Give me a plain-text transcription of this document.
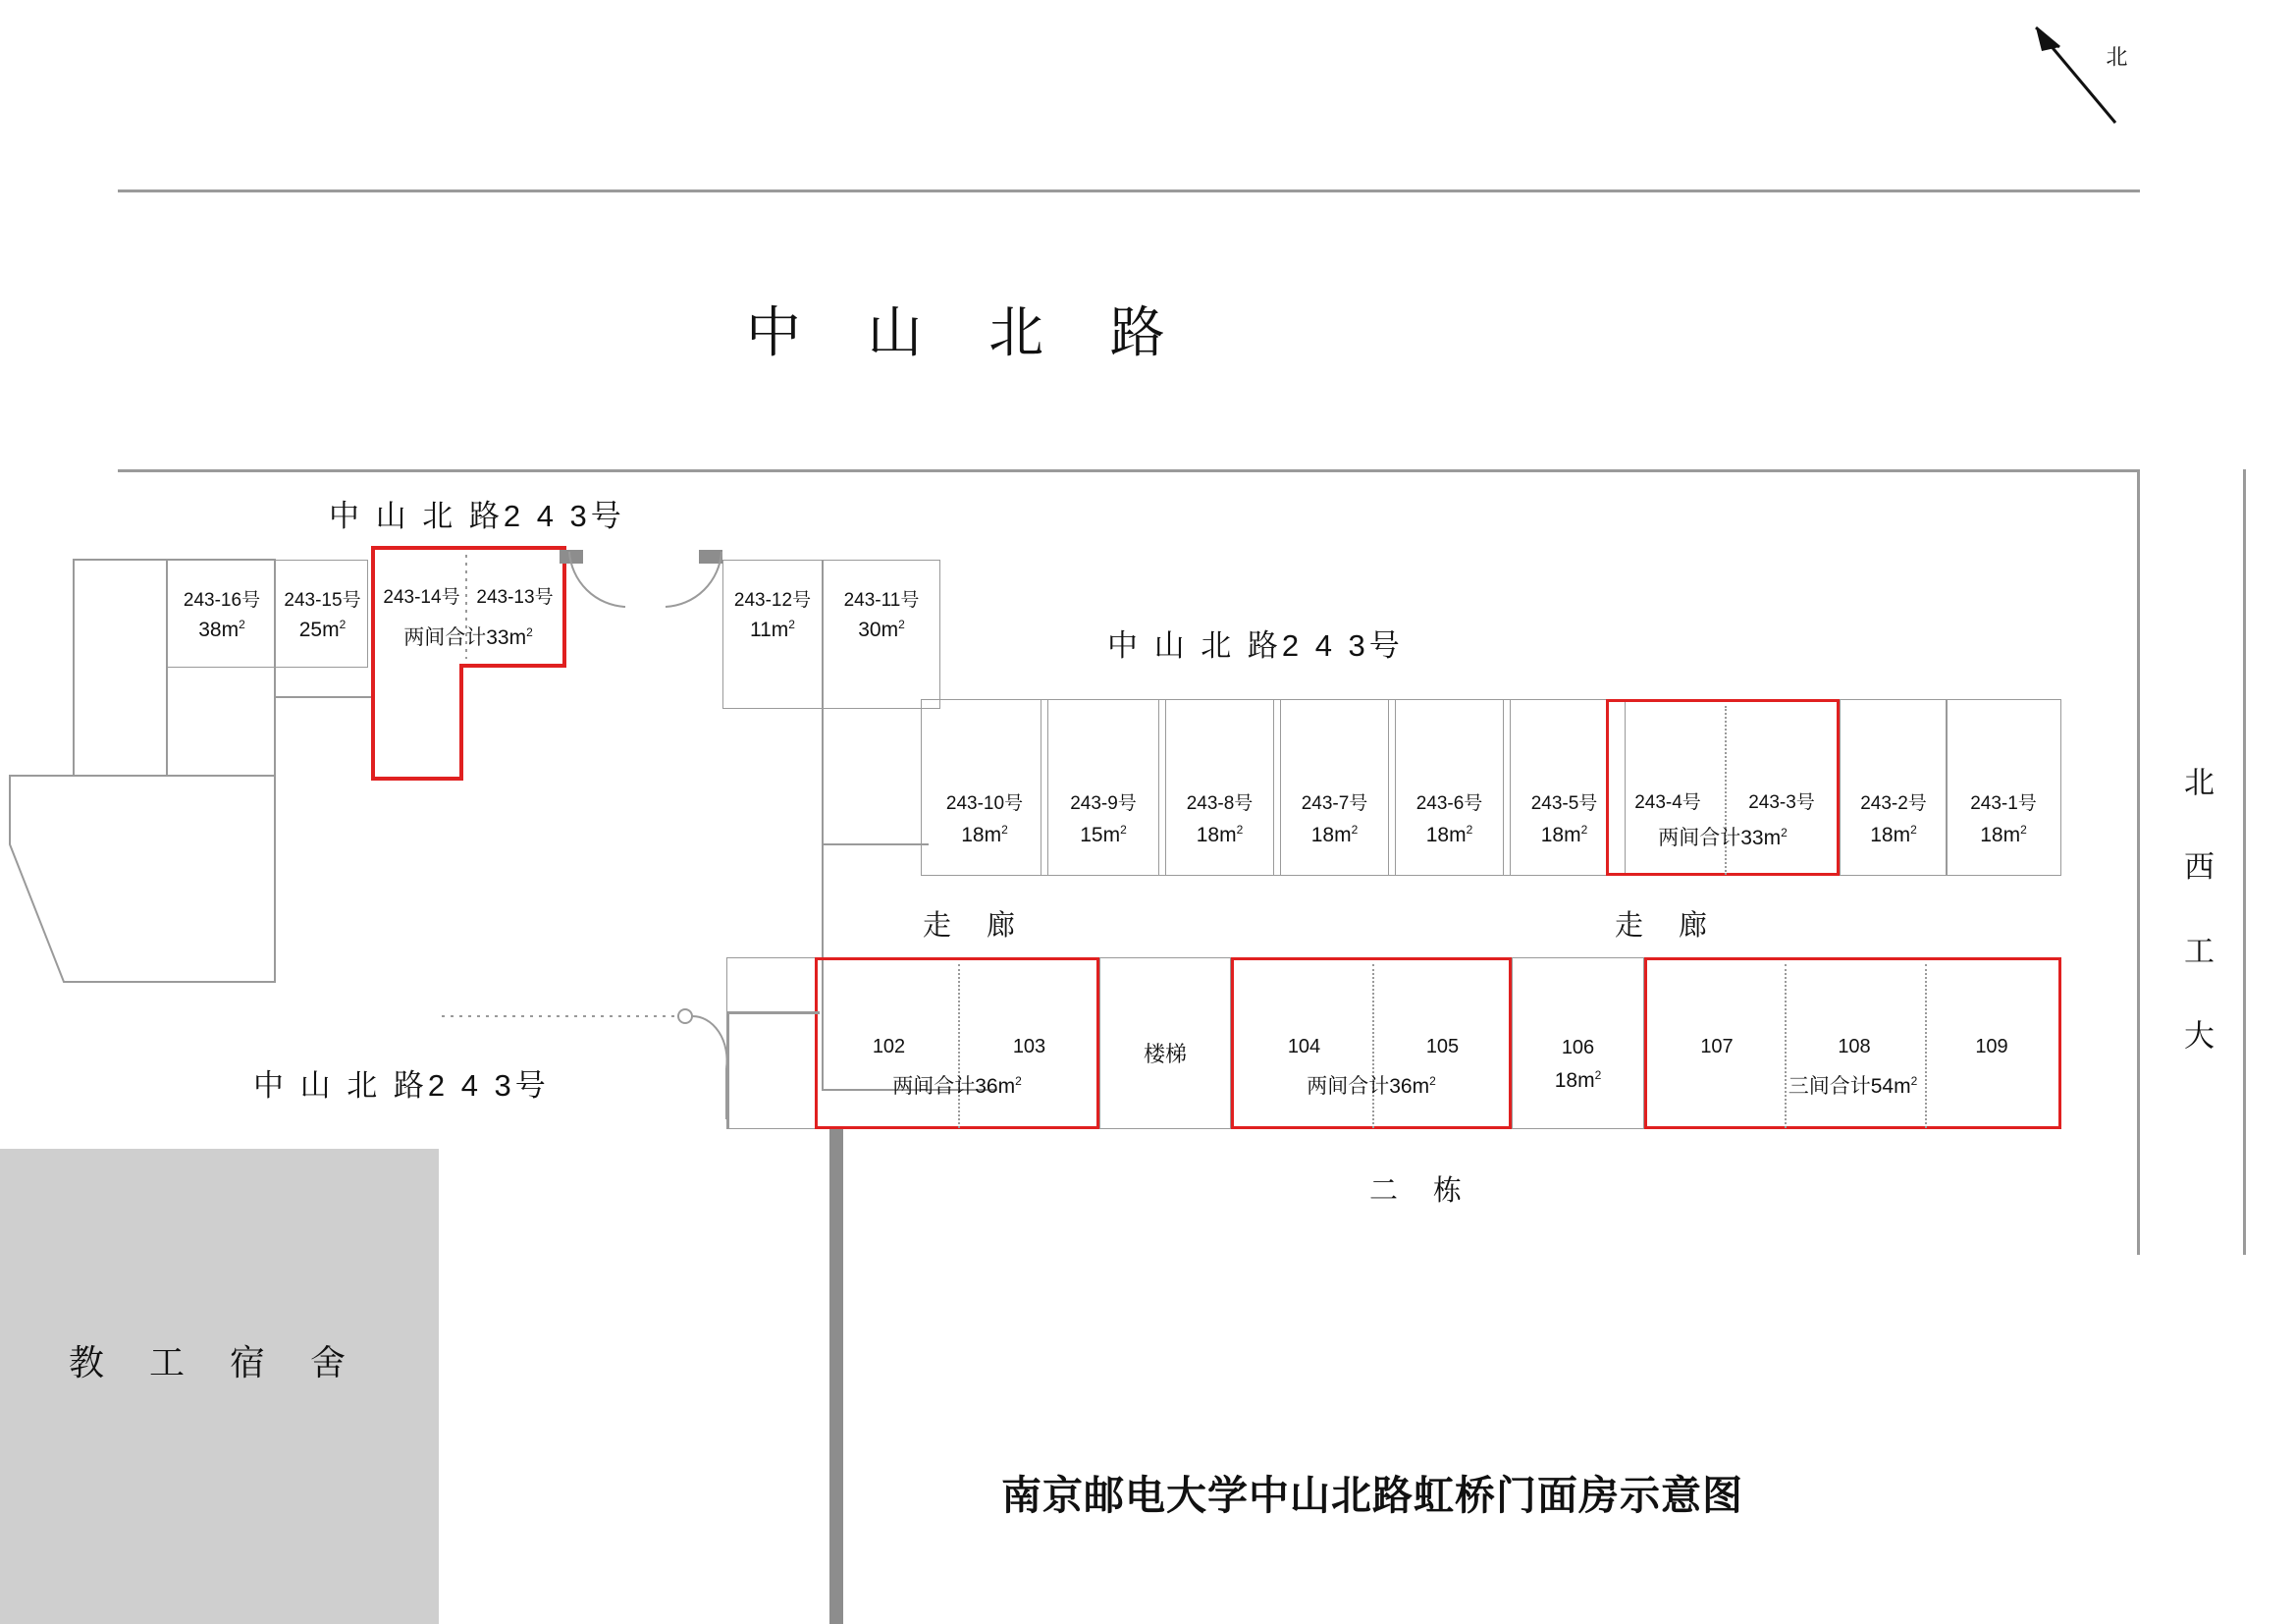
北
中 山 北 路
北 西 工 大
中 山 北 路2 4 3号
243-16号
$38m^2$
243-15号
$25m^2$
243-14号 243-13号
两间合计$33m^2$
243-12号
$11m^2$
243-11号
$30m^2$
中 山 北 路2 4 3号
243-10号
$18m^2$
243-9号
$15m^2$
243-8号
$18m^2$
243-7号
$18m^2$
243-6号
$18m^2$
243-5号
$18m^2$
243-4号	243-3号
两间合计$33m^2$
243-2号
$18m^2$
243-1号
$18m^2$
走 廊	走 廊
102	103
两间合计$36m^2$
楼梯	104	105
两间合计$36m^2$
106
$18m^2$
107	108	109
三间合计$54m^2$
二 栋
中 山 北 路2 4 3号
教 工 宿 舍
南京邮电大学中山北路虹桥门面房示意图
